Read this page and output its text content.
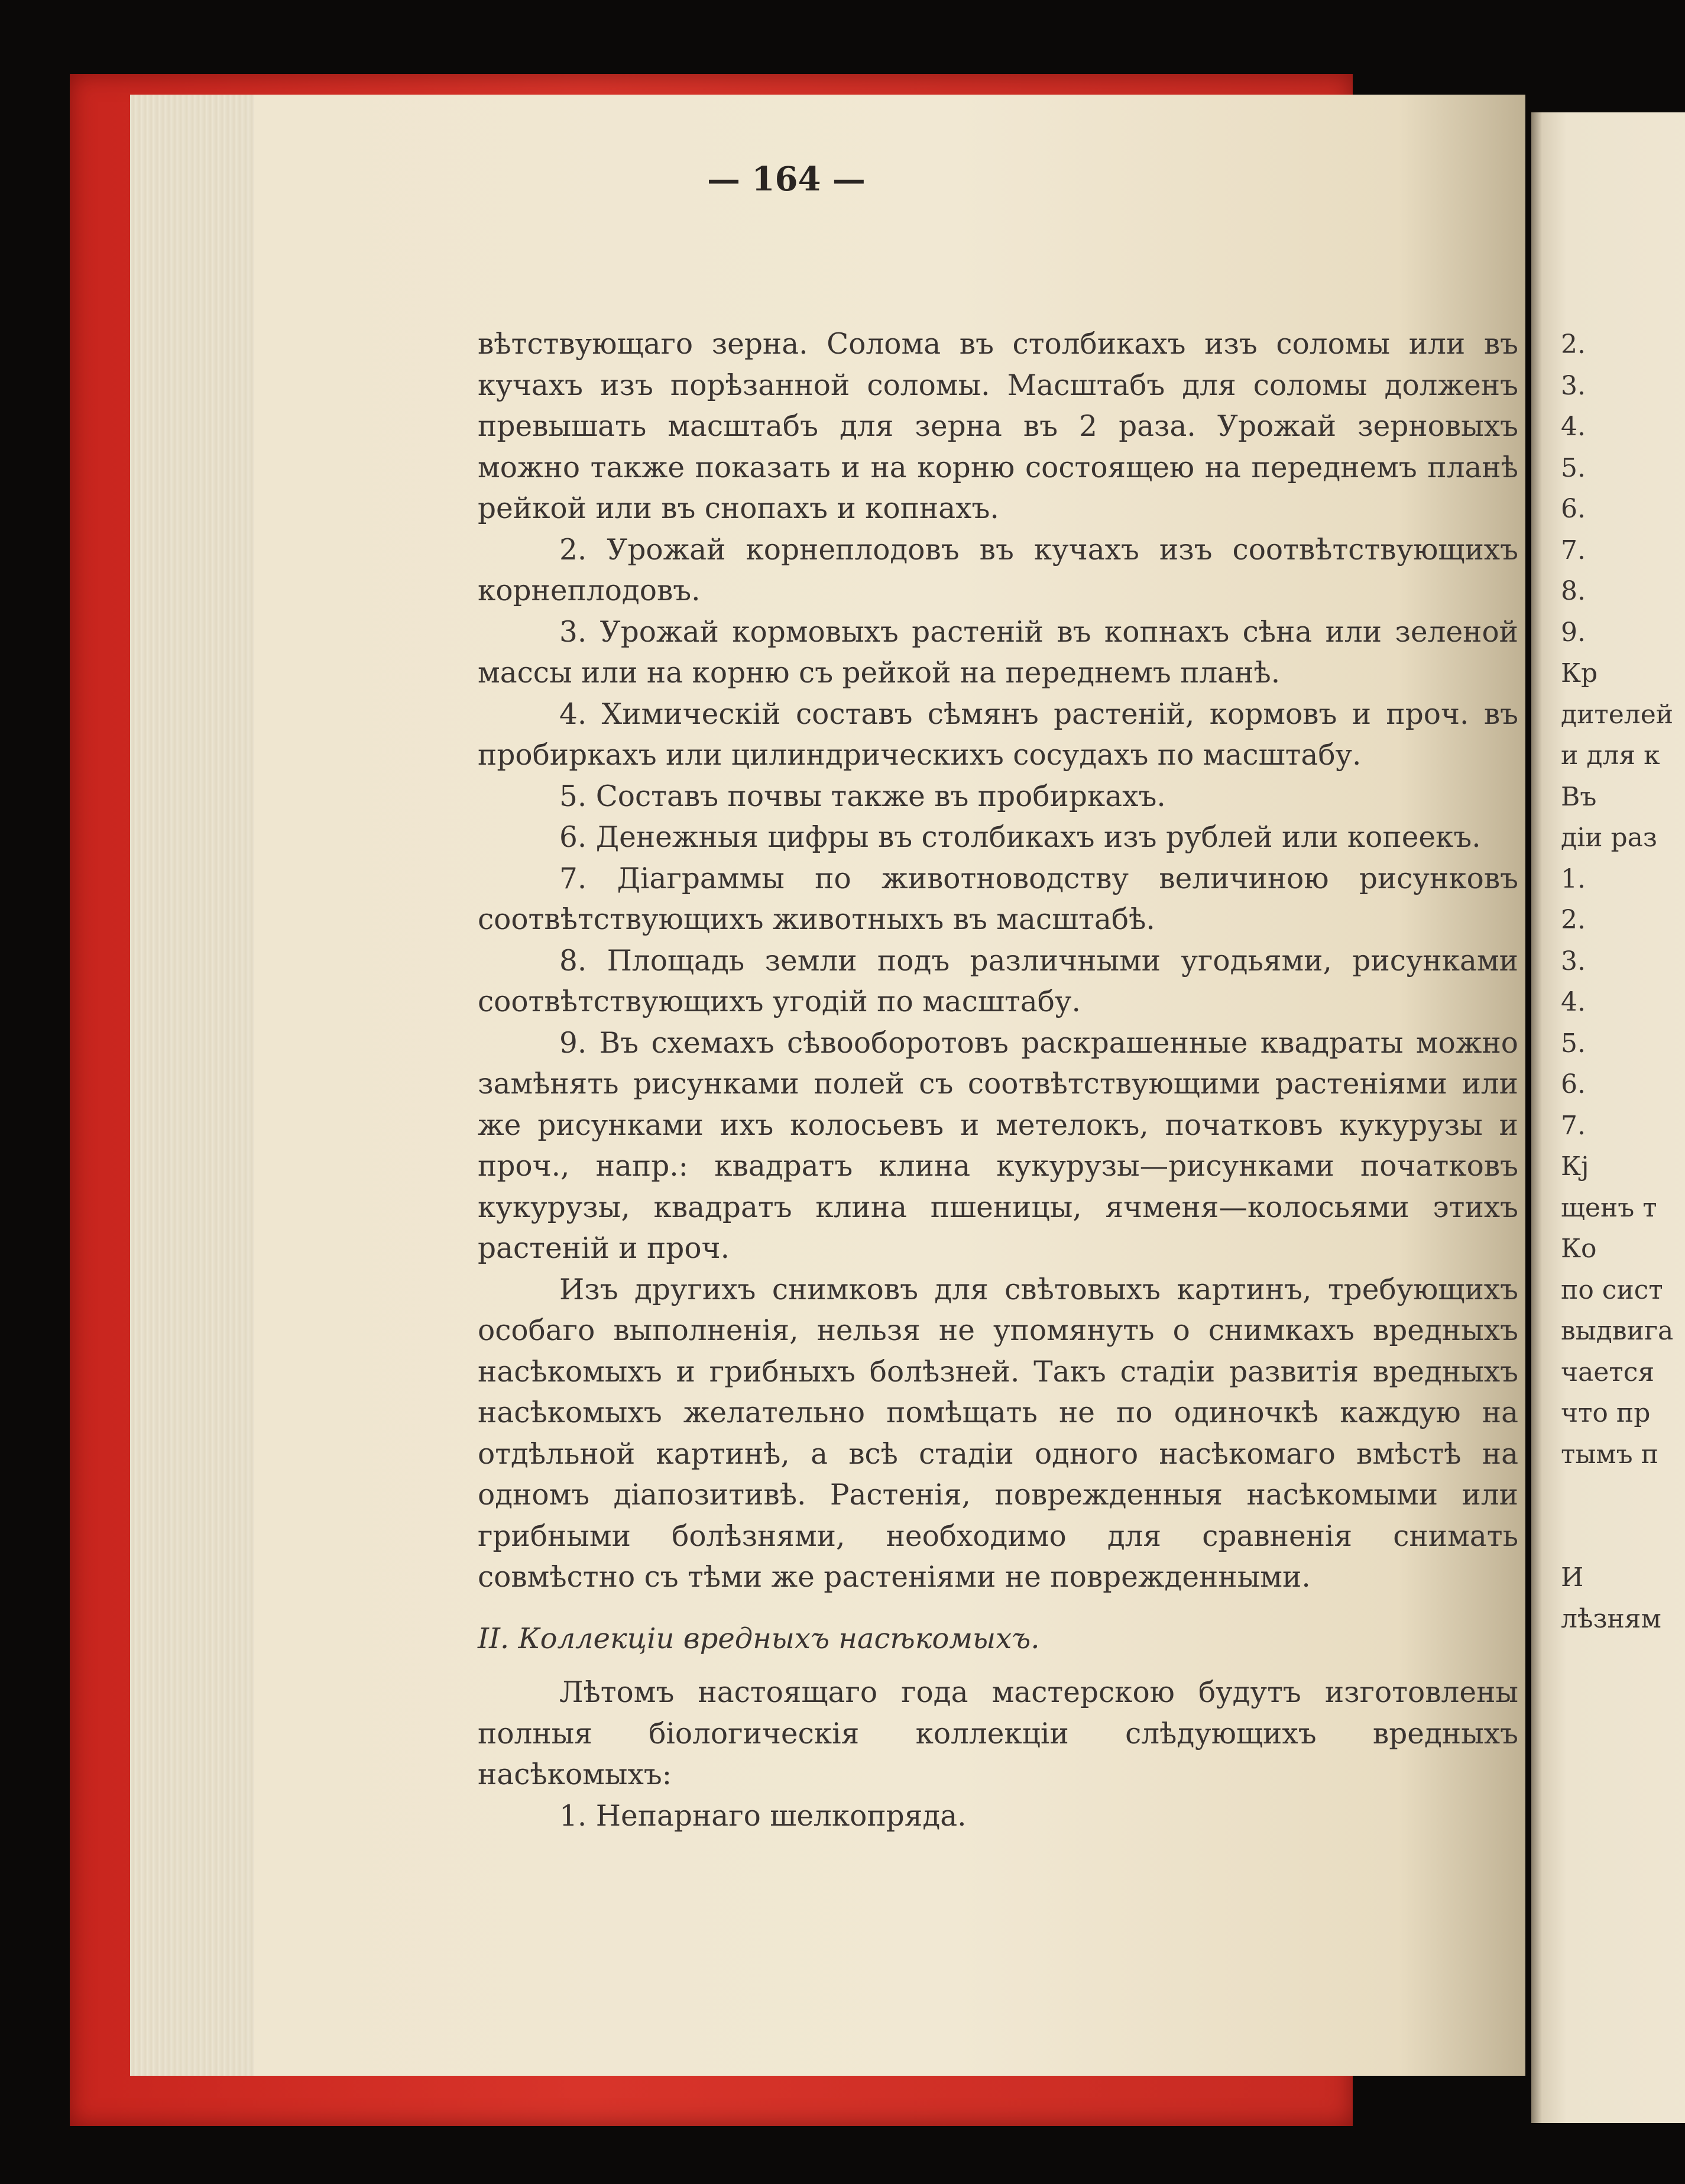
2.
3.
4.
5.
6.
7.
8.
9.
Кр
дителей
и для к
Въ
діи раз
1.
2.
3.
4.
5.
6.
7.
Кј
щенъ т
Ко
по сист
выдвига
чается
что пр
тымъ п
И
лѣзням
— 164 —

вѣтствующаго зерна. Солома въ столбикахъ изъ соломы или въ кучахъ изъ порѣзанной соломы. Масштабъ для соломы долженъ превышать масштабъ для зерна въ 2 раза. Урожай зерновыхъ можно также показать и на корню состоящею на переднемъ планѣ рейкой или въ снопахъ и копнахъ.

2. Урожай корнеплодовъ въ кучахъ изъ соотвѣтствующихъ корнеплодовъ.

3. Урожай кормовыхъ растеній въ копнахъ сѣна или зеленой массы или на корню съ рейкой на переднемъ планѣ.

4. Химическій составъ сѣмянъ растеній, кормовъ и проч. въ пробиркахъ или цилиндрическихъ сосудахъ по масштабу.

5. Составъ почвы также въ пробиркахъ.

6. Денежныя цифры въ столбикахъ изъ рублей или копеекъ.

7. Діаграммы по животноводству величиною рисунковъ соотвѣтствующихъ животныхъ въ масштабѣ.

8. Площадь земли подъ различными угодьями, рисунками соотвѣтствующихъ угодій по масштабу.

9. Въ схемахъ сѣвооборотовъ раскрашенные квадраты можно замѣнять рисунками полей съ соотвѣтствующими растеніями или же рисунками ихъ колосьевъ и метелокъ, початковъ кукурузы и проч., напр.: квадратъ клина кукурузы—рисунками початковъ кукурузы, квадратъ клина пшеницы, ячменя—колосьями этихъ растеній и проч.

Изъ другихъ снимковъ для свѣтовыхъ картинъ, требующихъ особаго выполненія, нельзя не упомянуть о снимкахъ вредныхъ насѣкомыхъ и грибныхъ болѣзней. Такъ стадіи развитія вредныхъ насѣкомыхъ желательно помѣщать не по одиночкѣ каждую на отдѣльной картинѣ, а всѣ стадіи одного насѣкомаго вмѣстѣ на одномъ діапозитивѣ. Растенія, поврежденныя насѣкомыми или грибными болѣзнями, необходимо для сравненія снимать совмѣстно съ тѣми же растеніями не поврежденными.

II. Коллекціи вредныхъ насѣкомыхъ.

Лѣтомъ настоящаго года мастерскою будутъ изготовлены полныя біологическія коллекціи слѣдующихъ вредныхъ насѣкомыхъ:

1. Непарнаго шелкопряда.
